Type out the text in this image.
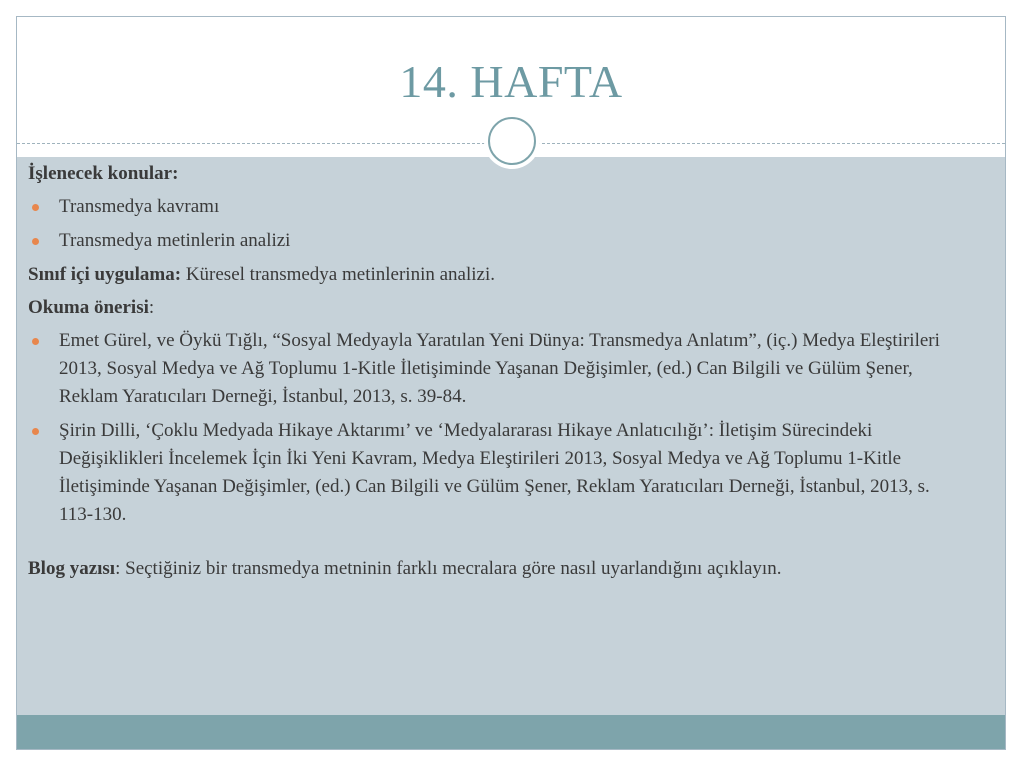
14. HAFTA

İşlenecek konular:

Transmedya kavramı
Transmedya metinlerin analizi

Sınıf içi uygulama: Küresel transmedya metinlerinin analizi.

Okuma önerisi:

Emet Gürel, ve Öykü Tığlı, “Sosyal Medyayla Yaratılan Yeni Dünya: Transmedya Anlatım”, (iç.) Medya Eleştirileri 2013, Sosyal Medya ve Ağ Toplumu 1-Kitle İletişiminde Yaşanan Değişimler, (ed.) Can Bilgili ve Gülüm Şener, Reklam Yaratıcıları Derneği, İstanbul, 2013, s. 39-84.
Şirin Dilli, ‘Çoklu Medyada Hikaye Aktarımı’ ve ‘Medyalararası Hikaye Anlatıcılığı’: İletişim Sürecindeki Değişiklikleri İncelemek İçin İki Yeni Kavram, Medya Eleştirileri 2013, Sosyal Medya ve Ağ Toplumu 1-Kitle İletişiminde Yaşanan Değişimler, (ed.) Can Bilgili ve Gülüm Şener, Reklam Yaratıcıları Derneği, İstanbul, 2013, s. 113-130.

Blog yazısı: Seçtiğiniz bir transmedya metninin farklı mecralara göre nasıl uyarlandığını açıklayın.
